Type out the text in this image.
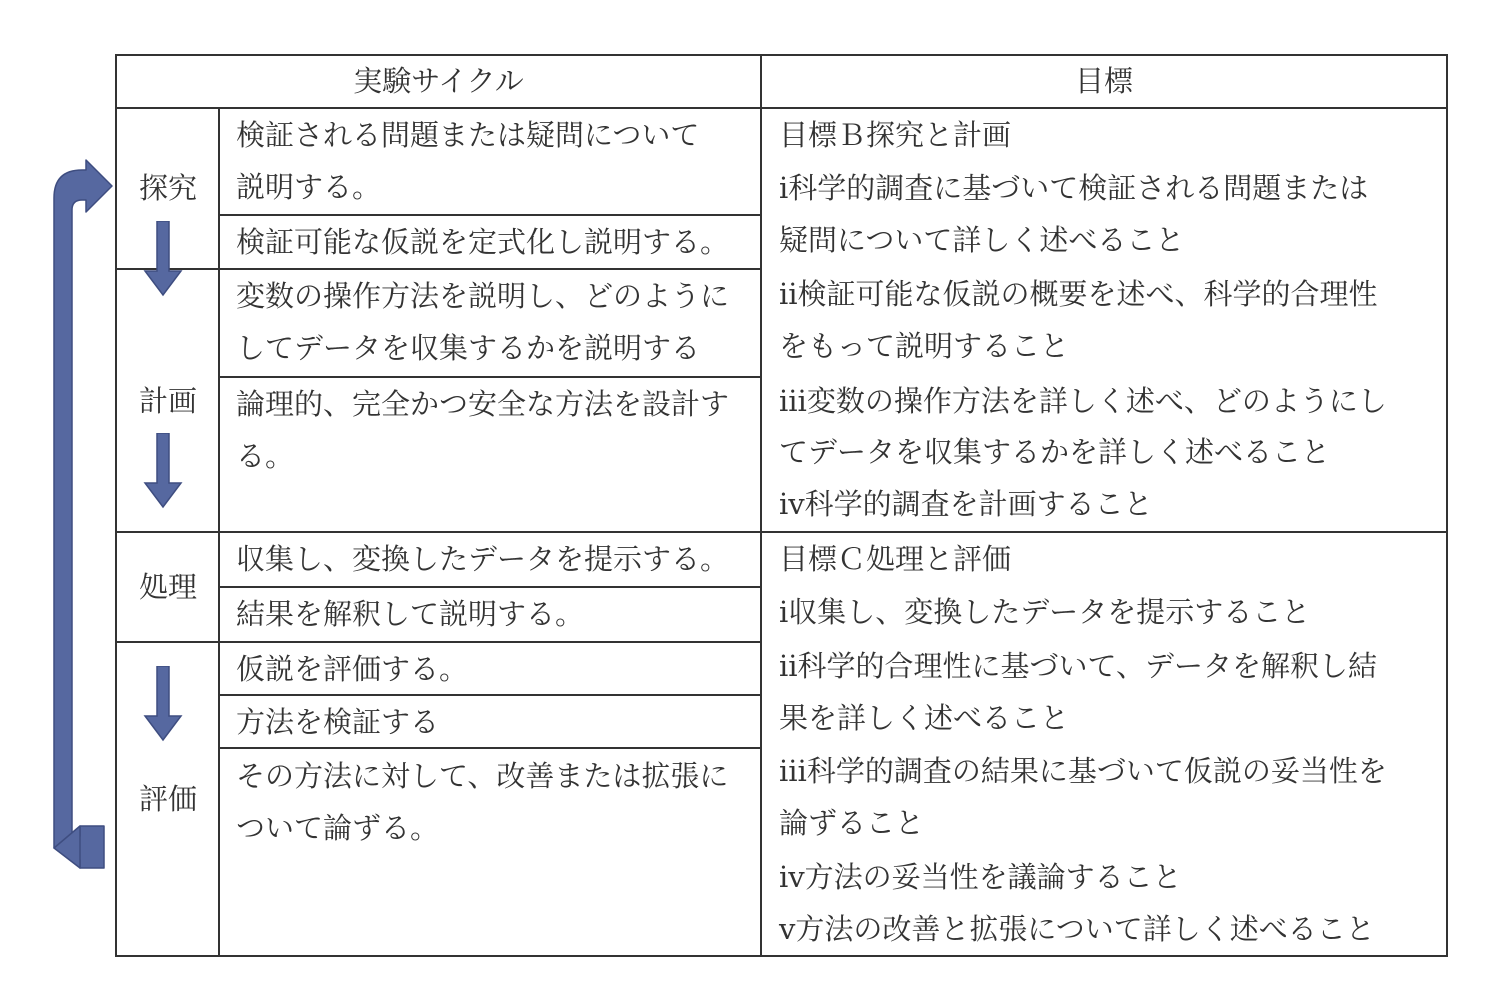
実験サイクル	目標
探究
計画
処理
評価
検証される問題または疑問について
説明する。
検証可能な仮説を定式化し説明する。
変数の操作方法を説明し、どのように
してデータを収集するかを説明する
論理的、完全かつ安全な方法を設計す
る。
収集し、変換したデータを提示する。
結果を解釈して説明する。
仮説を評価する。
方法を検証する
その方法に対して、改善または拡張に
ついて論ずる。
目標Ｂ探究と計画
ⅰ科学的調査に基づいて検証される問題または
疑問について詳しく述べること
ⅱ検証可能な仮説の概要を述べ、科学的合理性
をもって説明すること
ⅲ変数の操作方法を詳しく述べ、どのようにし
てデータを収集するかを詳しく述べること
ⅳ科学的調査を計画すること
目標Ｃ処理と評価
ⅰ収集し、変換したデータを提示すること
ⅱ科学的合理性に基づいて、データを解釈し結
果を詳しく述べること
ⅲ科学的調査の結果に基づいて仮説の妥当性を
論ずること
ⅳ方法の妥当性を議論すること
ⅴ方法の改善と拡張について詳しく述べること
